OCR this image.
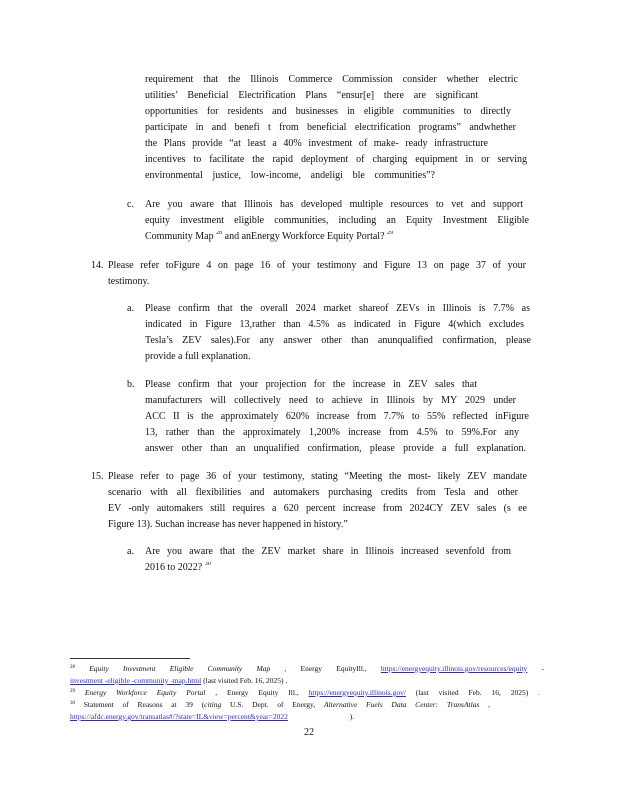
requirement that the Illinois Commerce Commission consider whether electric
utilities’ Beneficial Electrification Plans “ensur[e] there are significant
opportunities for residents and businesses in eligible communities to directly
participate in and benefi t from beneficial electrification programs” andwhether
the Plans provide “at least a 40% investment of make- ready infrastructure
incentives to facilitate the rapid deployment of charging equipment in or serving
environmental justice, low-income, andeligi ble communities”?
c. Are you aware that Illinois has developed multiple resources to vet and support
equity investment eligible communities, including an Equity Investment Eligible
Community Map $^{28}$ and anEnergy Workforce Equity Portal? $^{29}$
14. Please refer toFigure 4 on page 16 of your testimony and Figure 13 on page 37 of your
testimony.
a. Please confirm that the overall 2024 market shareof ZEVs in Illinois is 7.7% as
indicated in Figure 13,rather than 4.5% as indicated in Figure 4(which excludes
Tesla’s ZEV sales).For any answer other than anunqualified confirmation, please
provide a full explanation.
b. Please confirm that your projection for the increase in ZEV sales that
manufacturers will collectively need to achieve in Illinois by MY 2029 under
ACC II is the approximately 620% increase from 7.7% to 55% reflected inFigure
13, rather than the approximately 1,200% increase from 4.5% to 59%.For any
answer other than an unqualified confirmation, please provide a full explanation.
15. Please refer to page 36 of your testimony, stating “Meeting the most- likely ZEV mandate
scenario with all flexibilities and automakers purchasing credits from Tesla and other
EV -only automakers still requires a 620 percent increase from 2024CY ZEV sales (s ee
Figure 13). Suchan increase has never happened in history.”
a. Are you aware that the ZEV market share in Illinois increased sevenfold from
2016 to 2022? $^{30}$
$^{28}$ Equity Investment Eligible Community Map , Energy EquityIll., https://energyequity.illinois.gov/resources/equity -
investment -eligible -community -map.html (last visited Feb. 16, 2025) .
$^{29}$ Energy Workforce Equity Portal , Energy Equity Ill., https://energyequity.illinois.gov/ (last visited Feb. 16, 2025) .
$^{30}$ Statement of Reasons at 39 (citing U.S. Dept. of Energy, Alternative Fuels Data Center: TransAtlas ,
https://afdc.energy.gov/transatlas#/?state=IL&view=percent&year=2022	).
22
